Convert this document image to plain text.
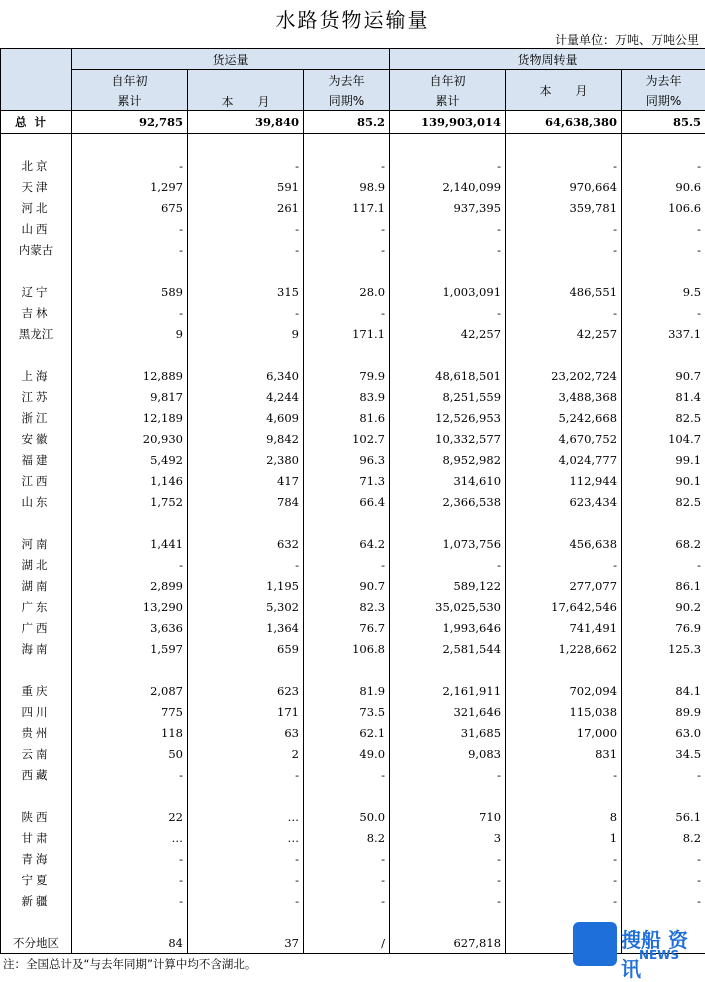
水路货物运输量
计量单位：万吨、万吨公里
	货运量			货物周转量		
	自年初	本　　月	为去年	自年初	本　　月	为去年
	累计		同期%	累计		同期%
总计	92,785	39,840	85.2	139,903,014	64,638,380	85.5

北京	-	-	-	-	-	-
天津	1,297	591	98.9	2,140,099	970,664	90.6
河北	675	261	117.1	937,395	359,781	106.6
山西	-	-	-	-	-	-
内蒙古	-	-	-	-	-	-

辽宁	589	315	28.0	1,003,091	486,551	9.5
吉林	-	-	-	-	-	-
黑龙江	9	9	171.1	42,257	42,257	337.1

上海	12,889	6,340	79.9	48,618,501	23,202,724	90.7
江苏	9,817	4,244	83.9	8,251,559	3,488,368	81.4
浙江	12,189	4,609	81.6	12,526,953	5,242,668	82.5
安徽	20,930	9,842	102.7	10,332,577	4,670,752	104.7
福建	5,492	2,380	96.3	8,952,982	4,024,777	99.1
江西	1,146	417	71.3	314,610	112,944	90.1
山东	1,752	784	66.4	2,366,538	623,434	82.5

河南	1,441	632	64.2	1,073,756	456,638	68.2
湖北	-	-	-	-	-	-
湖南	2,899	1,195	90.7	589,122	277,077	86.1
广东	13,290	5,302	82.3	35,025,530	17,642,546	90.2
广西	3,636	1,364	76.7	1,993,646	741,491	76.9
海南	1,597	659	106.8	2,581,544	1,228,662	125.3

重庆	2,087	623	81.9	2,161,911	702,094	84.1
四川	775	171	73.5	321,646	115,038	89.9
贵州	118	63	62.1	31,685	17,000	63.0
云南	50	2	49.0	9,083	831	34.5
西藏	-	-	-	-	-	-

陕西	22	…	50.0	710	8	56.1
甘肃	…	…	8.2	3	1	8.2
青海	-	-	-	-	-	-
宁夏	-	-	-	-	-	-
新疆	-	-	-	-	-	-

不分地区	84	37	/	627,818			搜船 资讯
NEWS
注：全国总计及“与去年同期”计算中均不含湖北。
